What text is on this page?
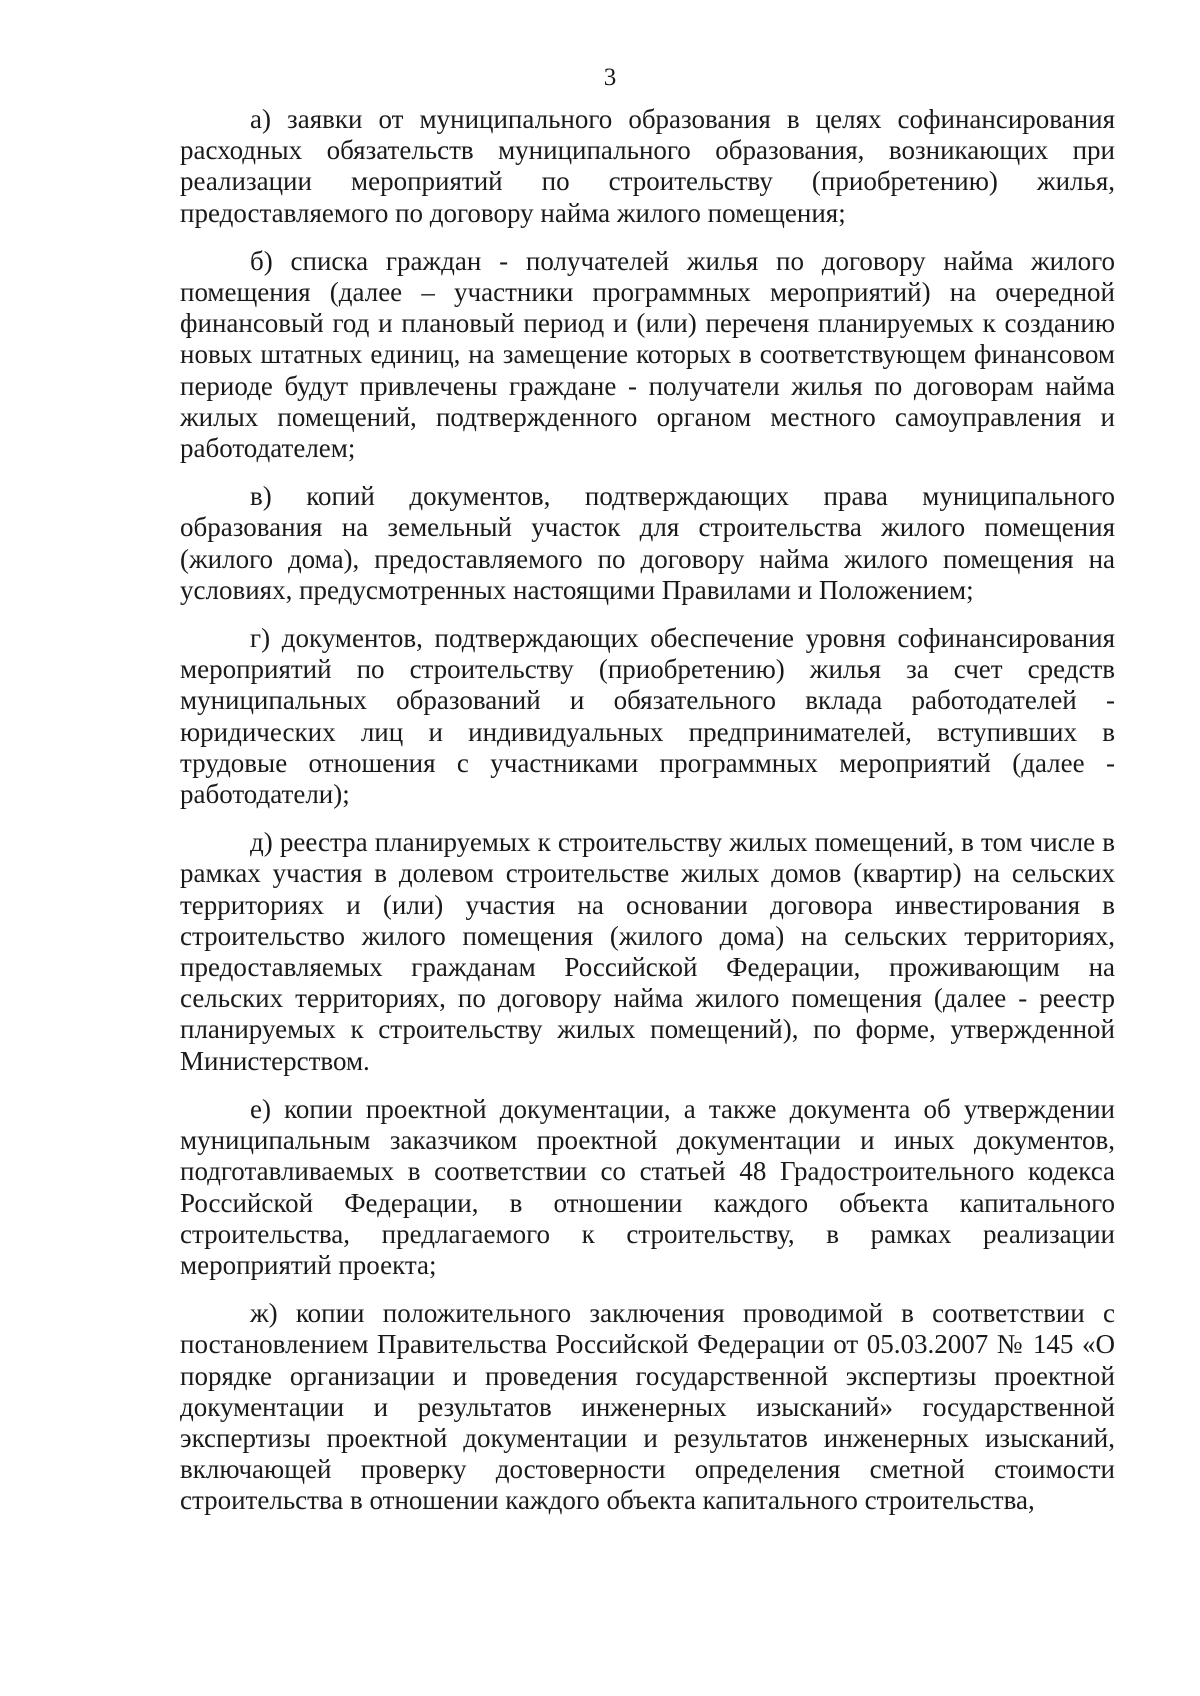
3

а) заявки от муниципального образования в целях софинансирования расходных обязательств муниципального образования, возникающих при реализации мероприятий по строительству (приобретению) жилья, предоставляемого по договору найма жилого помещения;

б) списка граждан - получателей жилья по договору найма жилого помещения (далее – участники программных мероприятий) на очередной финансовый год и плановый период и (или) переченя планируемых к созданию новых штатных единиц, на замещение которых в соответствующем финансовом периоде будут привлечены граждане - получатели жилья по договорам найма жилых помещений, подтвержденного органом местного самоуправления и работодателем;

в) копий документов, подтверждающих права муниципального образования на земельный участок для строительства жилого помещения (жилого дома), предоставляемого по договору найма жилого помещения на условиях, предусмотренных настоящими Правилами и Положением;

г) документов, подтверждающих обеспечение уровня софинансирования мероприятий по строительству (приобретению) жилья за счет средств муниципальных образований и обязательного вклада работодателей - юридических лиц и индивидуальных предпринимателей, вступивших в трудовые отношения с участниками программных мероприятий (далее - работодатели);

д) реестра планируемых к строительству жилых помещений, в том числе в рамках участия в долевом строительстве жилых домов (квартир) на сельских территориях и (или) участия на основании договора инвестирования в строительство жилого помещения (жилого дома) на сельских территориях, предоставляемых гражданам Российской Федерации, проживающим на сельских территориях, по договору найма жилого помещения (далее - реестр планируемых к строительству жилых помещений), по форме, утвержденной Министерством.

е) копии проектной документации, а также документа об утверждении муниципальным заказчиком проектной документации и иных документов, подготавливаемых в соответствии со статьей 48 Градостроительного кодекса Российской Федерации, в отношении каждого объекта капитального строительства, предлагаемого к строительству, в рамках реализации мероприятий проекта;

ж) копии положительного заключения проводимой в соответствии с постановлением Правительства Российской Федерации от 05.03.2007 № 145 «О порядке организации и проведения государственной экспертизы проектной документации и результатов инженерных изысканий» государственной экспертизы проектной документации и результатов инженерных изысканий, включающей проверку достоверности определения сметной стоимости строительства в отношении каждого объекта капитального строительства,
